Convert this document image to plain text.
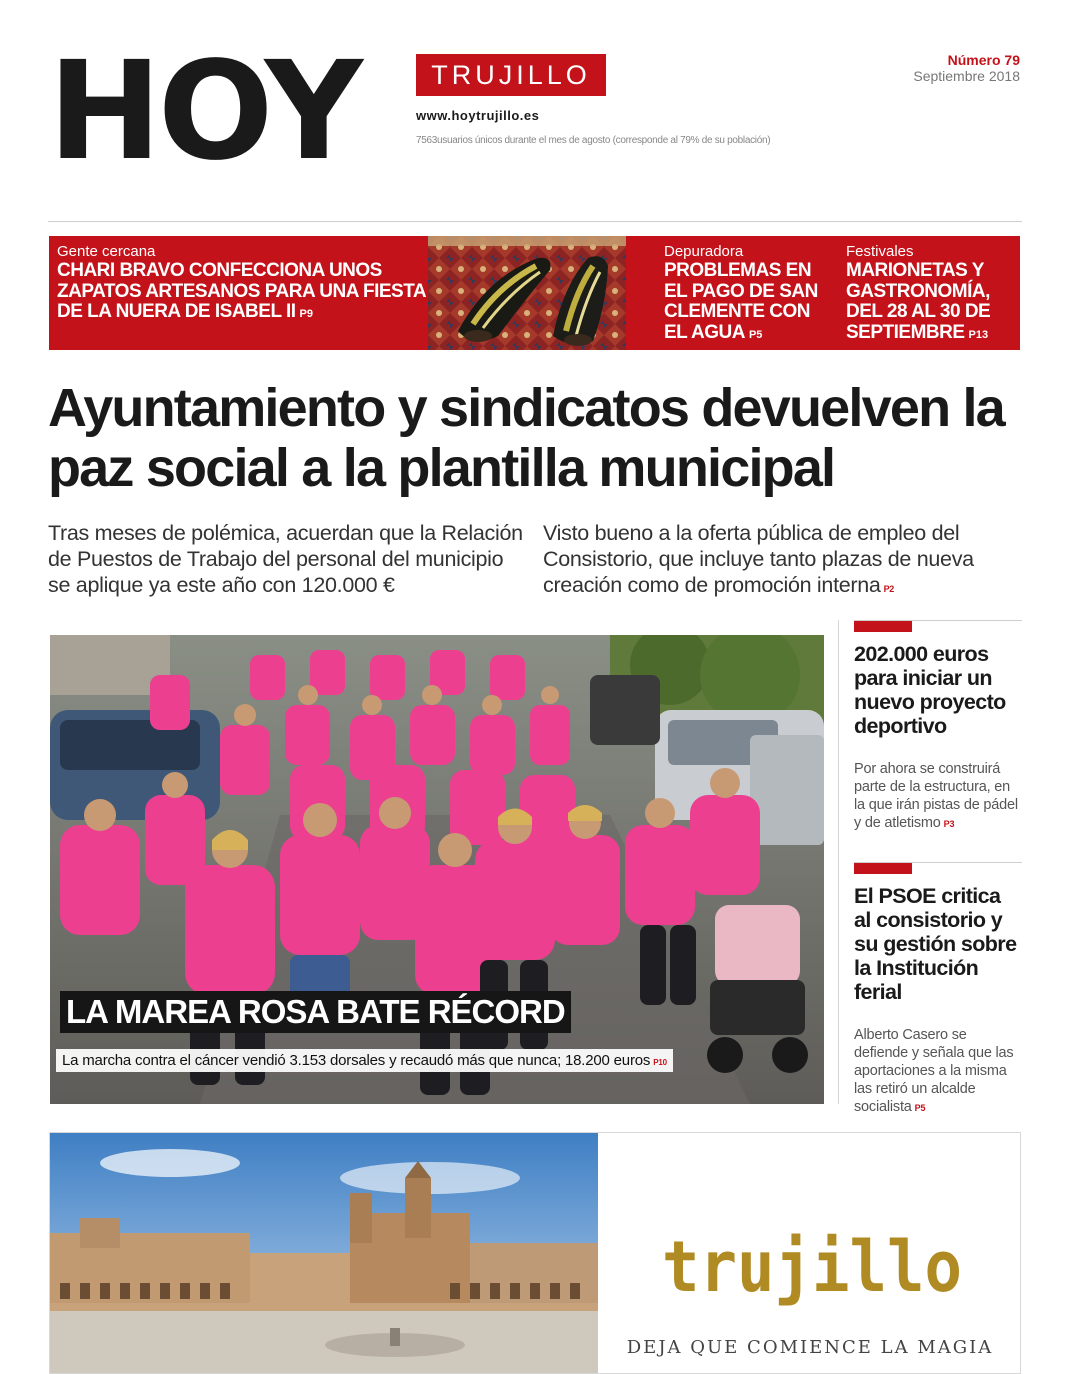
HOY	TRUJILLO
www.hoytrujillo.es
7563usuarios únicos durante el mes de agosto (corresponde al 79% de su población)
Número 79
Septiembre 2018
Gente cercana
CHARI BRAVO CONFECCIONA UNOS ZAPATOS ARTESANOS PARA UNA FIESTA DE LA NUERA DE ISABEL II P9
Depuradora
PROBLEMAS EN EL PAGO DE SAN CLEMENTE CON EL AGUA P5
Festivales
MARIONETAS Y GASTRONOMÍA, DEL 28 AL 30 DE SEPTIEMBRE P13
Ayuntamiento y sindicatos devuelven la paz social a la plantilla municipal
Tras meses de polémica, acuerdan que la Relación de Puestos de Trabajo del personal del municipio se aplique ya este año con 120.000 €
Visto bueno a la oferta pública de empleo del Consistorio, que incluye tanto plazas de nueva creación como de promoción interna P2
LA MAREA ROSA BATE RÉCORD
La marcha contra el cáncer vendió 3.153 dorsales y recaudó más que nunca; 18.200 euros P10
202.000 euros para iniciar un nuevo proyecto deportivo
Por ahora se construirá parte de la estructura, en la que irán pistas de pádel y de atletismo P3
El PSOE critica al consistorio y su gestión sobre la Institución ferial
Alberto Casero se defiende y señala que las aportaciones a la misma las retiró un alcalde socialista P5
trujillo
DEJA QUE COMIENCE LA MAGIA
